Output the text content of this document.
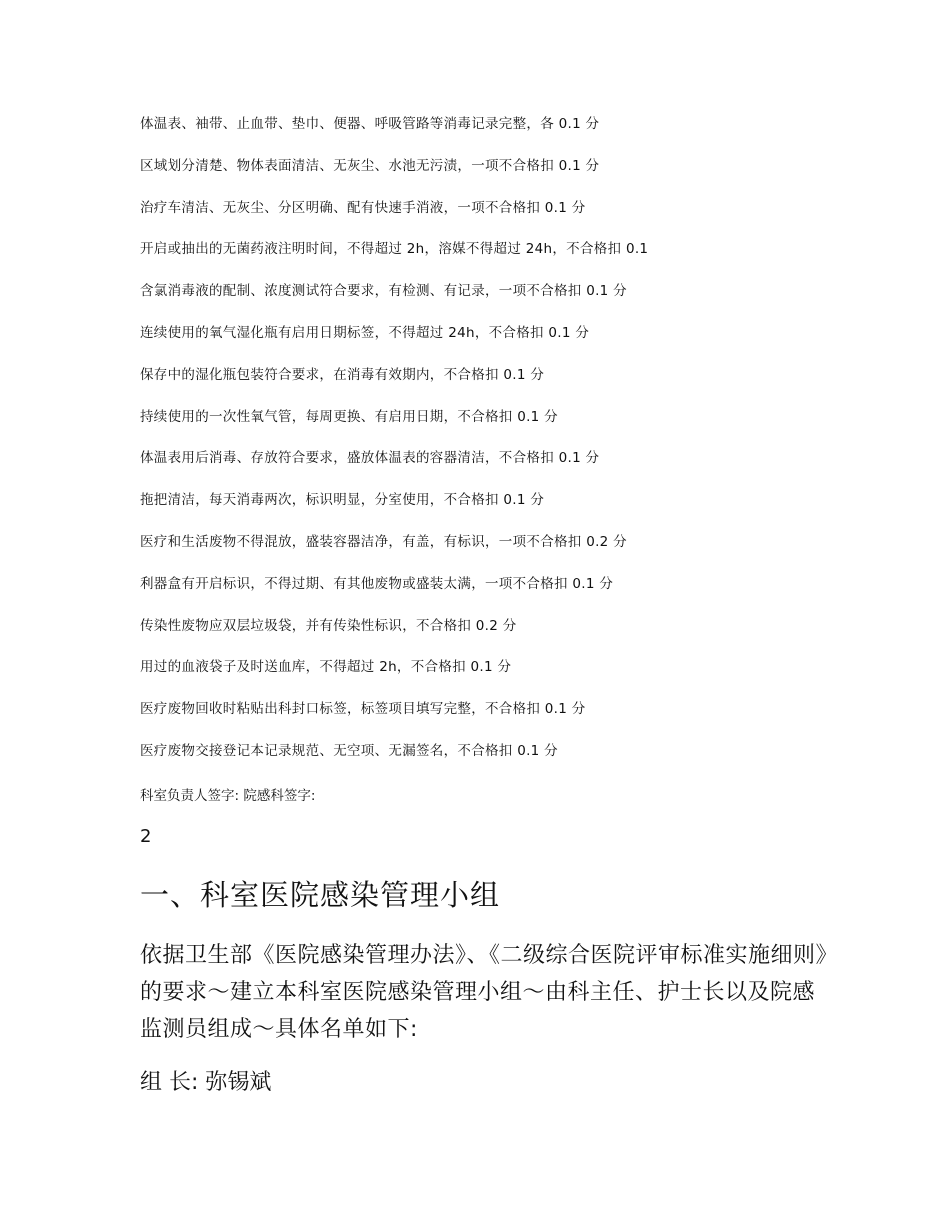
体温表、袖带、止血带、垫巾、便器、呼吸管路等消毒记录完整，各 0.1 分
区域划分清楚、物体表面清洁、无灰尘、水池无污渍，一项不合格扣 0.1 分
治疗车清洁、无灰尘、分区明确、配有快速手消液，一项不合格扣 0.1 分
开启或抽出的无菌药液注明时间，不得超过 2h，溶媒不得超过 24h，不合格扣 0.1
含氯消毒液的配制、浓度测试符合要求，有检测、有记录，一项不合格扣 0.1 分
连续使用的氧气湿化瓶有启用日期标签，不得超过 24h，不合格扣 0.1 分
保存中的湿化瓶包装符合要求，在消毒有效期内，不合格扣 0.1 分
持续使用的一次性氧气管，每周更换、有启用日期，不合格扣 0.1 分
体温表用后消毒、存放符合要求，盛放体温表的容器清洁，不合格扣 0.1 分
拖把清洁，每天消毒两次，标识明显，分室使用，不合格扣 0.1 分
医疗和生活废物不得混放，盛装容器洁净，有盖，有标识，一项不合格扣 0.2 分
利器盒有开启标识，不得过期、有其他废物或盛装太满，一项不合格扣 0.1 分
传染性废物应双层垃圾袋，并有传染性标识，不合格扣 0.2 分
用过的血液袋子及时送血库，不得超过 2h，不合格扣 0.1 分
医疗废物回收时粘贴出科封口标签，标签项目填写完整，不合格扣 0.1 分
医疗废物交接登记本记录规范、无空项、无漏签名，不合格扣 0.1 分
科室负责人签字: 院感科签字:
2
一、科室医院感染管理小组
依据卫生部《医院感染管理办法》、《二级综合医院评审标准实施细则》的要求～建立本科室医院感染管理小组～由科主任、护士长以及院感监测员组成～具体名单如下:
组 长: 弥锡斌
